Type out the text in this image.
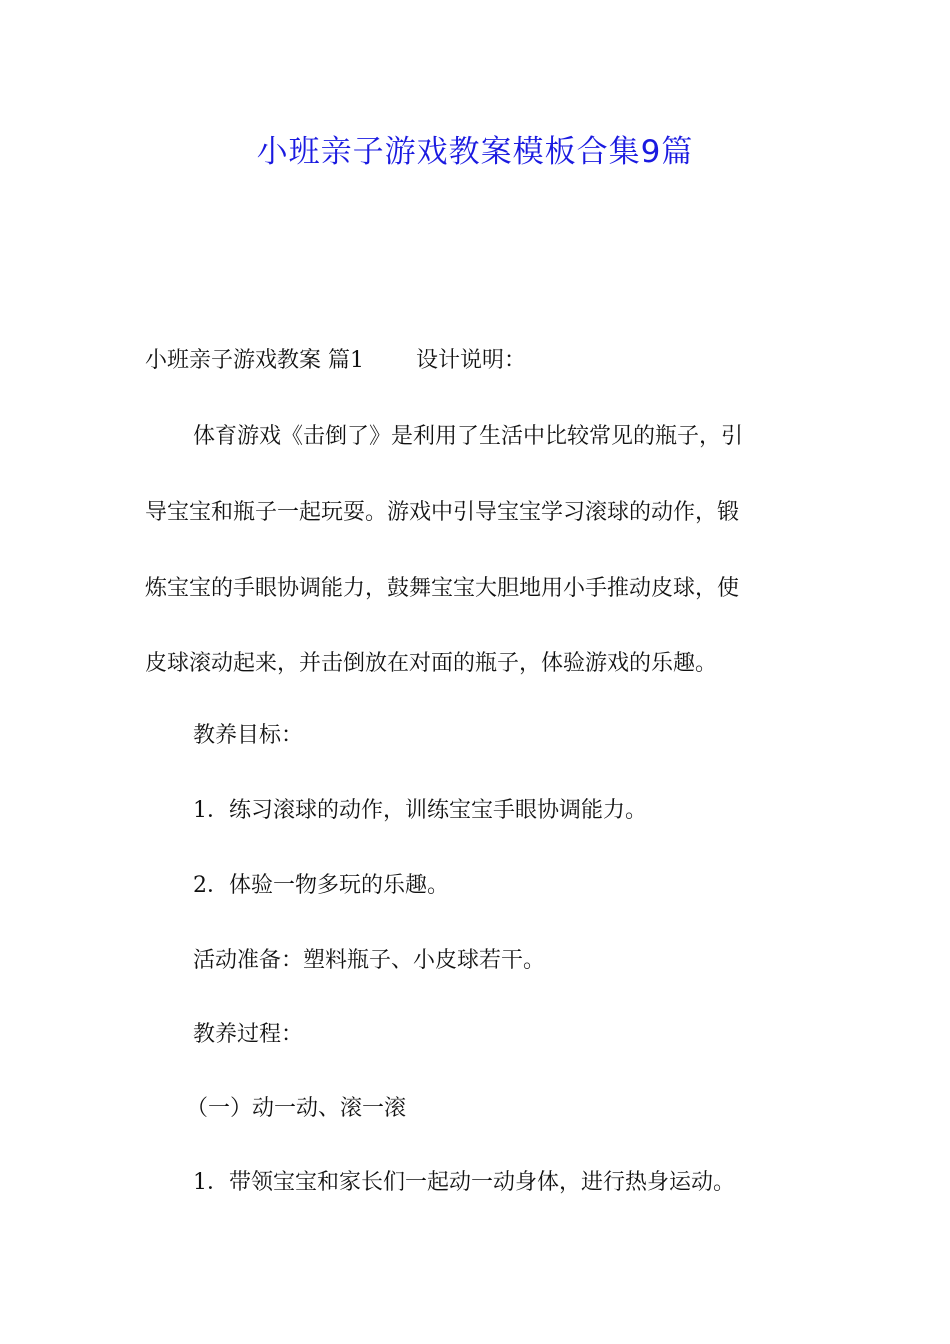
小班亲子游戏教案模板合集9篇
小班亲子游戏教案 篇1 设计说明：
体育游戏《击倒了》是利用了生活中比较常见的瓶子，引
导宝宝和瓶子一起玩耍。游戏中引导宝宝学习滚球的动作，锻
炼宝宝的手眼协调能力，鼓舞宝宝大胆地用小手推动皮球，使
皮球滚动起来，并击倒放在对面的瓶子，体验游戏的乐趣。
教养目标：
1．练习滚球的动作，训练宝宝手眼协调能力。
2．体验一物多玩的乐趣。
活动准备：塑料瓶子、小皮球若干。
教养过程：
（一）动一动、滚一滚
1．带领宝宝和家长们一起动一动身体，进行热身运动。
